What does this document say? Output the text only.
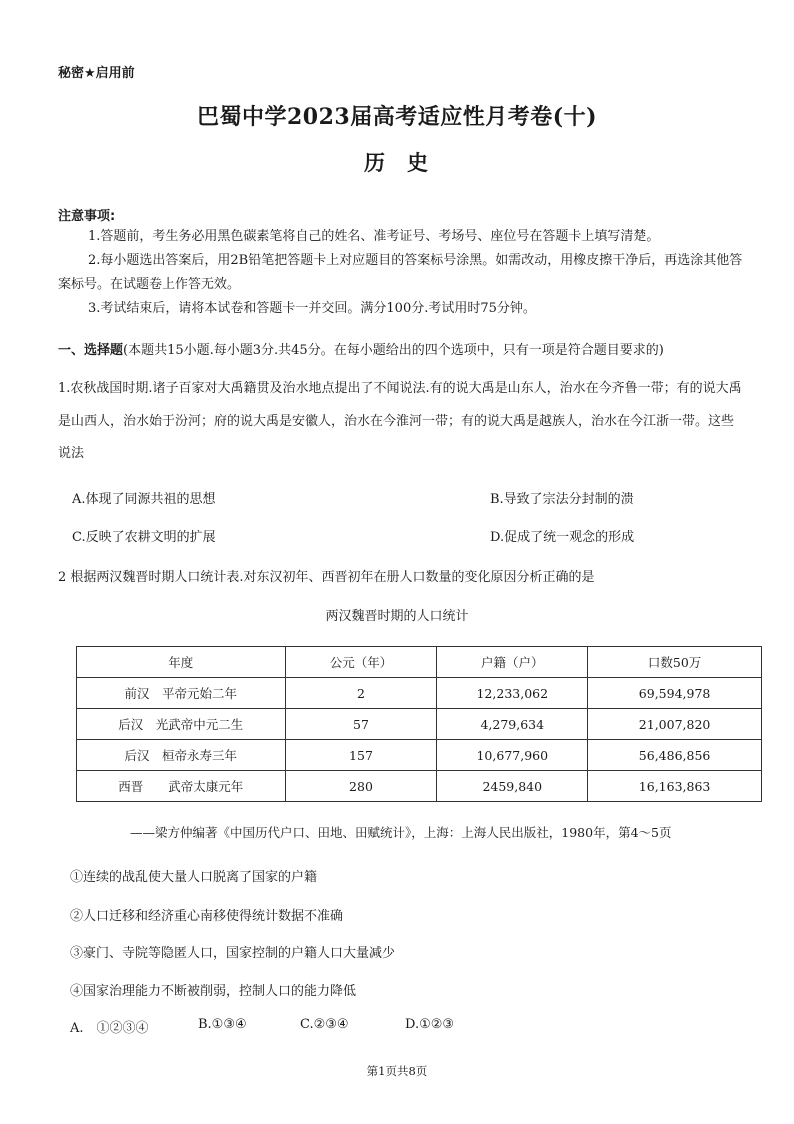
秘密★启用前
巴蜀中学2023届高考适应性月考卷(十)
历史
注意事项:

1.答题前，考生务必用黑色碳素笔将自己的姓名、准考证号、考场号、座位号在答题卡上填写清楚。

2.每小题选出答案后，用2B铅笔把答题卡上对应题目的答案标号涂黑。如需改动，用橡皮擦干净后，再选涂其他答案标号。在试题卷上作答无效。

3.考试结束后，请将本试卷和答题卡一并交回。满分100分.考试用时75分钟。

一、选择题(本题共15小题.每小题3分.共45分。在每小题给出的四个选项中，只有一项是符合题目要求的)
1.农秋战国时期.诸子百家对大禹籍贯及治水地点提出了不闻说法.有的说大禹是山东人，治水在今齐鲁一带；有的说大禹是山西人，治水始于汾河；府的说大禹是安徽人，治水在今淮河一带；有的说大禹是越族人，治水在今江浙一带。这些说法
A.体现了同源共祖的思想	B.导致了宗法分封制的溃
C.反映了农耕文明的扩展	D.促成了统一观念的形成
2 根据两汉魏晋时期人口统计表.对东汉初年、西晋初年在册人口数量的变化原因分析正确的是
两汉魏晋时期的人口统计
年度	公元（年）	户籍（户）	口数50万
前汉  平帝元始二年	2	12,233,062	69,594,978
后汉  光武帝中元二生	57	4,279,634	21,007,820
后汉  桓帝永寿三年	157	10,677,960	56,486,856
西晋   武帝太康元年	280	2459,840	16,163,863
——梁方仲编著《中国历代户口、田地、田赋统计》，上海：上海人民出版社，1980年，第4～5页
①连续的战乱使大量人口脱离了国家的户籍
②人口迁移和经济重心南移使得统计数据不准确
③豪门、寺院等隐匿人口，国家控制的户籍人口大量减少
④国家治理能力不断被削弱，控制人口的能力降低
A.　①②③④	B.①③④	C.②③④	D.①②③
第1页共8页
